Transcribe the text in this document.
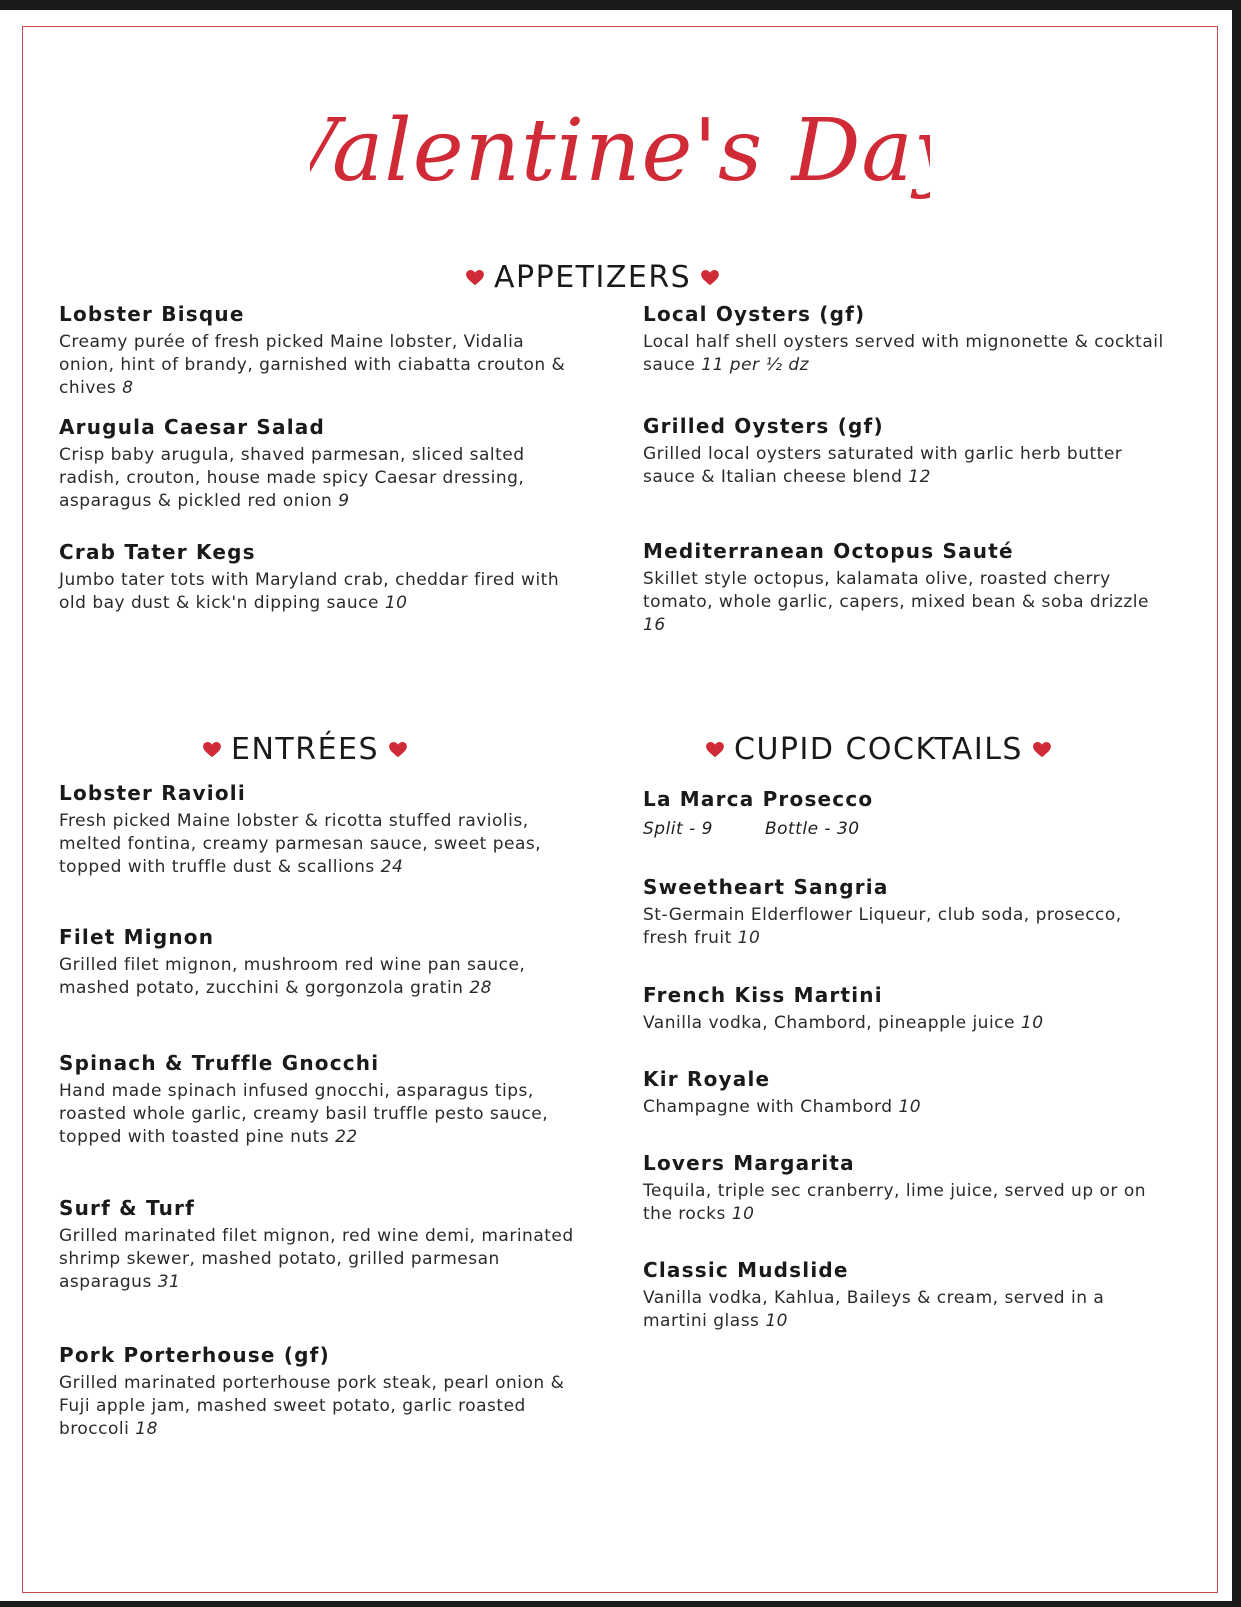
Valentine's Day
APPETIZERS
Lobster Bisque
Creamy purée of fresh picked Maine lobster, Vidalia onion, hint of brandy, garnished with ciabatta crouton & chives 8
Arugula Caesar Salad
Crisp baby arugula, shaved parmesan, sliced salted radish, crouton, house made spicy Caesar dressing, asparagus & pickled red onion 9
Crab Tater Kegs
Jumbo tater tots with Maryland crab, cheddar fired with old bay dust & kick'n dipping sauce 10
Local Oysters (gf)
Local half shell oysters served with mignonette & cocktail sauce 11 per ½ dz
Grilled Oysters (gf)
Grilled local oysters saturated with garlic herb butter sauce & Italian cheese blend 12
Mediterranean Octopus Sauté
Skillet style octopus, kalamata olive, roasted cherry tomato, whole garlic, capers, mixed bean & soba drizzle 16
ENTRÉES	CUPID COCKTAILS
Lobster Ravioli
Fresh picked Maine lobster & ricotta stuffed raviolis, melted fontina, creamy parmesan sauce, sweet peas, topped with truffle dust & scallions 24
Filet Mignon
Grilled filet mignon, mushroom red wine pan sauce, mashed potato, zucchini & gorgonzola gratin 28
Spinach & Truffle Gnocchi
Hand made spinach infused gnocchi, asparagus tips, roasted whole garlic, creamy basil truffle pesto sauce, topped with toasted pine nuts 22
Surf & Turf
Grilled marinated filet mignon, red wine demi, marinated shrimp skewer, mashed potato, grilled parmesan asparagus 31
Pork Porterhouse (gf)
Grilled marinated porterhouse pork steak, pearl onion & Fuji apple jam, mashed sweet potato, garlic roasted broccoli 18
La Marca Prosecco
Split - 9	Bottle - 30
Sweetheart Sangria
St-Germain Elderflower Liqueur, club soda, prosecco, fresh fruit 10
French Kiss Martini
Vanilla vodka, Chambord, pineapple juice 10
Kir Royale
Champagne with Chambord 10
Lovers Margarita
Tequila, triple sec cranberry, lime juice, served up or on the rocks 10
Classic Mudslide
Vanilla vodka, Kahlua, Baileys & cream, served in a martini glass 10
